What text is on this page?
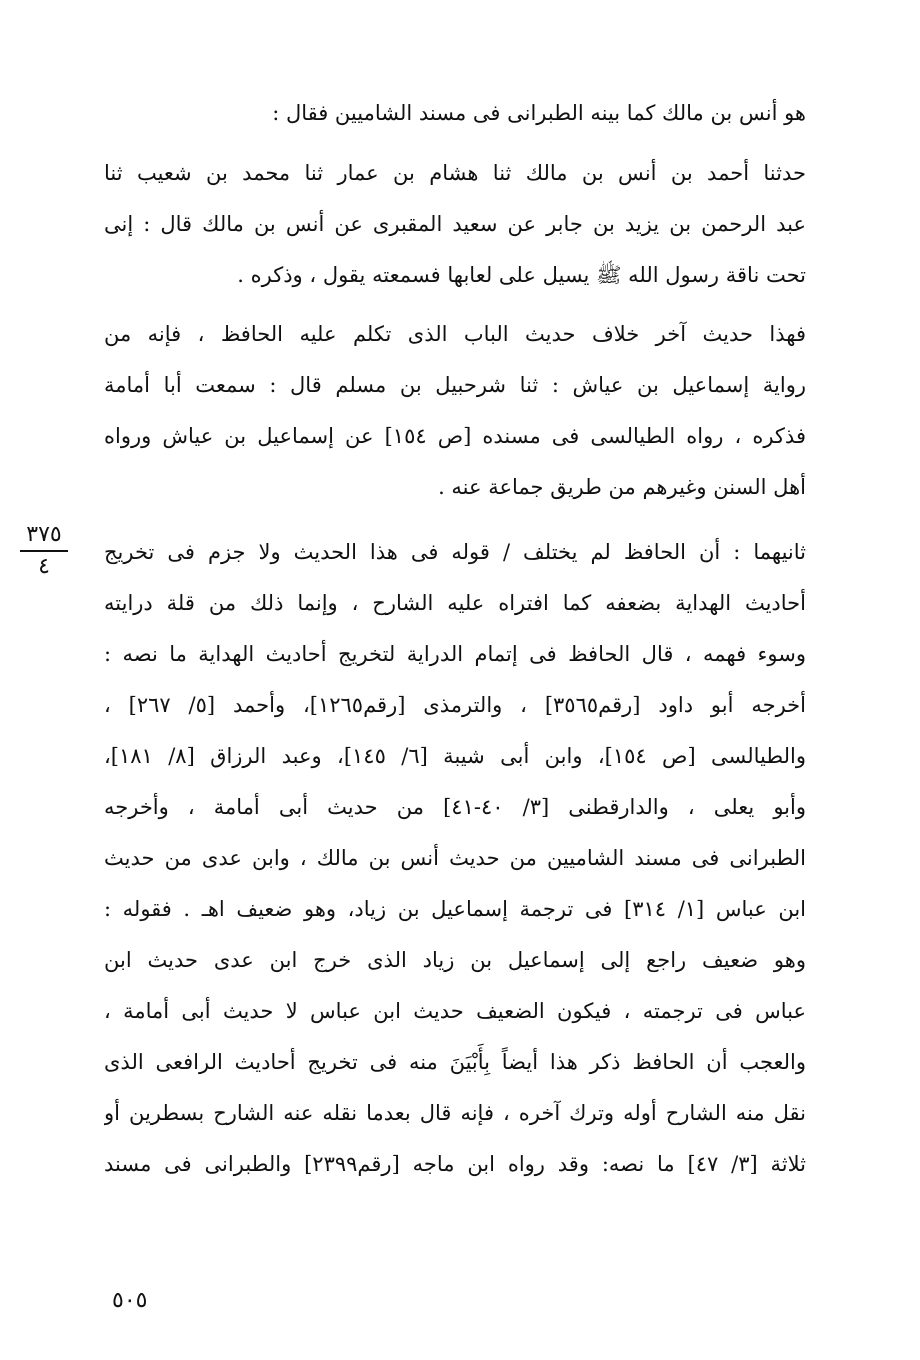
هو أنس بن مالك كما بينه الطبرانى فى مسند الشاميين فقال :
حدثنا أحمد بن أنس بن مالك ثنا هشام بن عمار ثنا محمد بن شعيب ثنا
عبد الرحمن بن يزيد بن جابر عن سعيد المقبرى عن أنس بن مالك قال : إنى
تحت ناقة رسول الله ﷺ يسيل على لعابها فسمعته يقول ، وذكره .
فهذا حديث آخر خلاف حديث الباب الذى تكلم عليه الحافظ ، فإنه من
رواية إسماعيل بن عياش : ثنا شرحبيل بن مسلم قال : سمعت أبا أمامة
فذكره ، رواه الطيالسى فى مسنده [ص ١٥٤] عن إسماعيل بن عياش ورواه
أهل السنن وغيرهم من طريق جماعة عنه .
٣٧٥
٤
ثانيهما : أن الحافظ لم يختلف / قوله فى هذا الحديث ولا جزم فى تخريج
أحاديث الهداية بضعفه كما افتراه عليه الشارح ، وإنما ذلك من قلة درايته
وسوء فهمه ، قال الحافظ فى إتمام الدراية لتخريج أحاديث الهداية ما نصه :
أخرجه أبو داود [رقم٣٥٦٥] ، والترمذى [رقم١٢٦٥]، وأحمد [٥/ ٢٦٧] ،
والطيالسى [ص ١٥٤]، وابن أبى شيبة [٦/ ١٤٥]، وعبد الرزاق [٨/ ١٨١]،
وأبو يعلى ، والدارقطنى [٣/ ٤٠-٤١] من حديث أبى أمامة ، وأخرجه
الطبرانى فى مسند الشاميين من حديث أنس بن مالك ، وابن عدى من حديث
ابن عباس [١/ ٣١٤] فى ترجمة إسماعيل بن زياد، وهو ضعيف اهـ . فقوله :
وهو ضعيف راجع إلى إسماعيل بن زياد الذى خرج ابن عدى حديث ابن
عباس فى ترجمته ، فيكون الضعيف حديث ابن عباس لا حديث أبى أمامة ،
والعجب أن الحافظ ذكر هذا أيضاً بِأَبْيَنَ منه فى تخريج أحاديث الرافعى الذى
نقل منه الشارح أوله وترك آخره ، فإنه قال بعدما نقله عنه الشارح بسطرين أو
ثلاثة [٣/ ٤٧] ما نصه: وقد رواه ابن ماجه [رقم٢٣٩٩] والطبرانى فى مسند
٥٠٥
